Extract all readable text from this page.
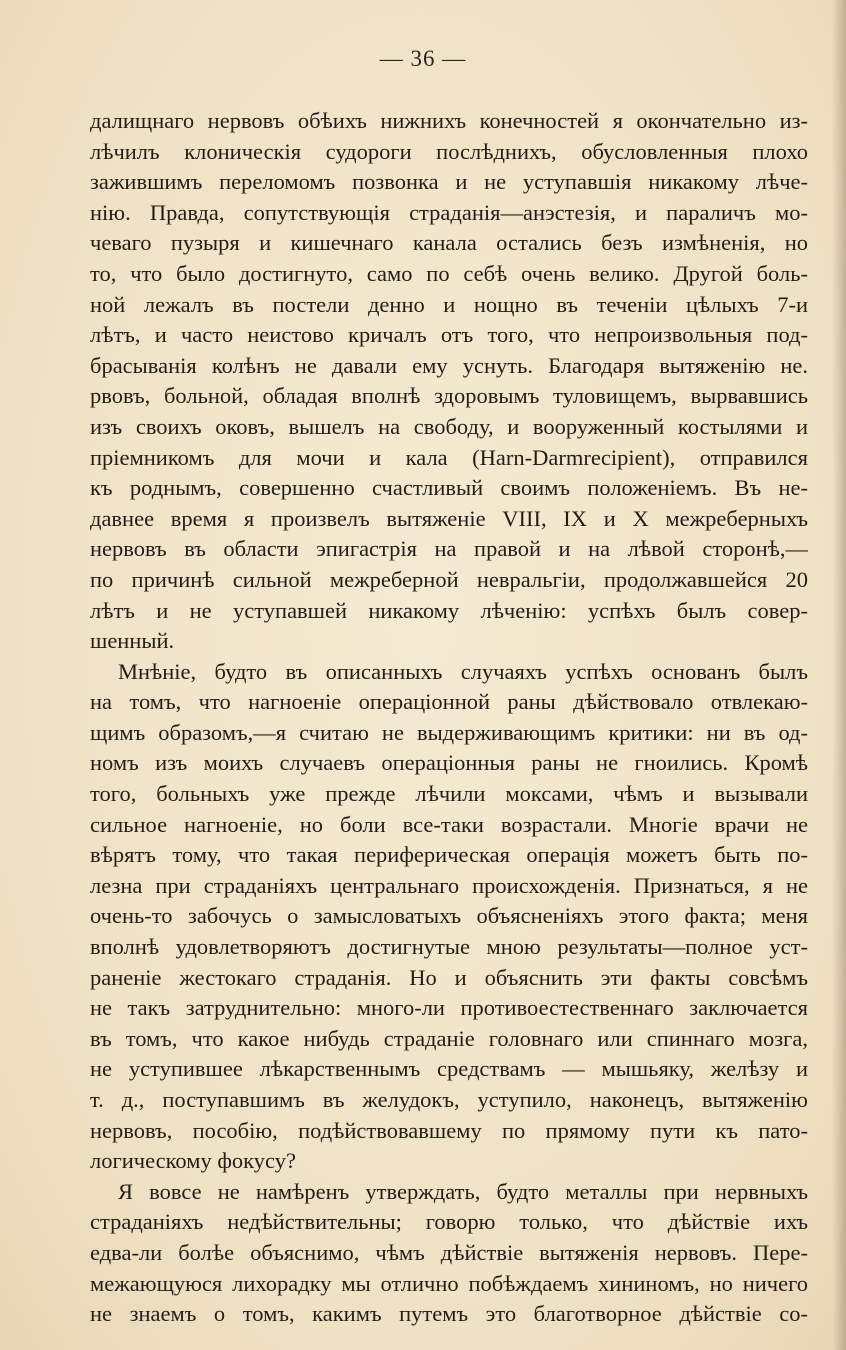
— 36 —
далищнаго нервовъ обѣихъ нижнихъ конечностей я окончательно из-
лѣчилъ клоническія судороги послѣднихъ, обусловленныя плохо
зажившимъ переломомъ позвонка и не уступавшія никакому лѣче-
нію. Правда, сопутствующія страданія—анэстезія, и параличъ мо-
чеваго пузыря и кишечнаго канала остались безъ измѣненія, но
то, что было достигнуто, само по себѣ очень велико. Другой боль-
ной лежалъ въ постели денно и нощно въ теченіи цѣлыхъ 7-и
лѣтъ, и часто неистово кричалъ отъ того, что непроизвольныя под-
брасыванія колѣнъ не давали ему уснуть. Благодаря вытяженію не.
рвовъ, больной, обладая вполнѣ здоровымъ туловищемъ, вырвавшись
изъ своихъ оковъ, вышелъ на свободу, и вооруженный костылями и
пріемникомъ для мочи и кала (Harn-Darmrecipient), отправился
къ роднымъ, совершенно счастливый своимъ положеніемъ. Въ не-
давнее время я произвелъ вытяженіе VIII, IX и X межреберныхъ
нервовъ въ области эпигастрія на правой и на лѣвой сторонѣ,—
по причинѣ сильной межреберной невральгіи, продолжавшейся 20
лѣтъ и не уступавшей никакому лѣченію: успѣхъ былъ совер-
шенный.
Мнѣніе, будто въ описанныхъ случаяхъ успѣхъ основанъ былъ
на томъ, что нагноеніе операціонной раны дѣйствовало отвлекаю-
щимъ образомъ,—я считаю не выдерживающимъ критики: ни въ од-
номъ изъ моихъ случаевъ операціонныя раны не гноились. Кромѣ
того, больныхъ уже прежде лѣчили моксами, чѣмъ и вызывали
сильное нагноеніе, но боли все-таки возрастали. Многіе врачи не
вѣрятъ тому, что такая периферическая операція можетъ быть по-
лезна при страданіяхъ центральнаго происхожденія. Признаться, я не
очень-то забочусь о замысловатыхъ объясненіяхъ этого факта; меня
вполнѣ удовлетворяютъ достигнутые мною результаты—полное уст-
раненіе жестокаго страданія. Но и объяснить эти факты совсѣмъ
не такъ затруднительно: много-ли противоестественнаго заключается
въ томъ, что какое нибудь страданіе головнаго или спиннаго мозга,
не уступившее лѣкарственнымъ средствамъ — мышьяку, желѣзу и
т. д., поступавшимъ въ желудокъ, уступило, наконецъ, вытяженію
нервовъ, пособію, подѣйствовавшему по прямому пути къ пато-
логическому фокусу?
Я вовсе не намѣренъ утверждать, будто металлы при нервныхъ
страданіяхъ недѣйствительны; говорю только, что дѣйствіе ихъ
едва-ли болѣе объяснимо, чѣмъ дѣйствіе вытяженія нервовъ. Пере-
межающуюся лихорадку мы отлично побѣждаемъ хининомъ, но ничего
не знаемъ о томъ, какимъ путемъ это благотворное дѣйствіе со-
